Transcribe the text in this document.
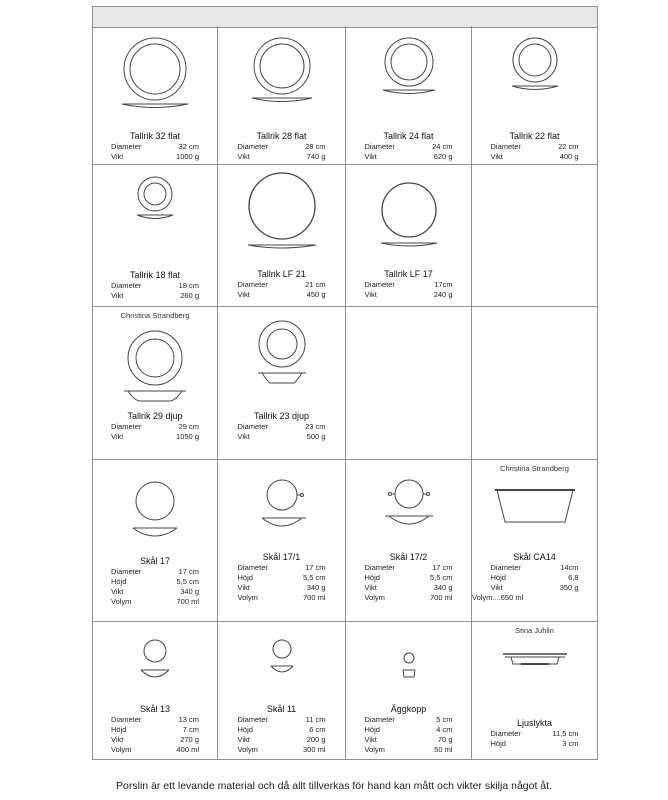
Tallrik 32 flat
Diameter	32 cm
Vikt	1000 g
Tallrik 28 flat
Diameter	28 cm
Vikt	740 g
Tallrik 24 flat
Diameter	24 cm
Vikt	620 g
Tallrik 22 flat
Diameter	22 cm
Vikt	400 g
Tallrik 18 flat
Diameter	18 cm
Vikt	260 g
Tallrik LF 21
Diameter	21 cm
Vikt	450 g
Tallrik LF 17
Diameter	17cm
Vikt	240 g
Christina Strandberg
Tallrik 29 djup
Diameter	29 cm
Vikt	1050 g
Tallrik 23 djup
Diameter	23 cm
Vikt	500 g
Skål 17
Diameter	17 cm
Höjd	5,5 cm
Vikt	340 g
Volym	700 ml
Skål 17/1
Diameter	17 cm
Höjd	5,5 cm
Vikt	340 g
Volym	700 ml
Skål 17/2
Diameter	17 cm
Höjd	5,5 cm
Vikt	340 g
Volym	700 ml
Christina Strandberg
Skål CA14
Diameter	14cm
Höjd	6,8
Vikt	350 g
Volym....650 ml
Skål 13
Diameter	13 cm
Höjd	7 cm
Vikt	270 g
Volym	400 ml
Skål 11
Diameter	11 cm
Höjd	6 cm
Vikt	200 g
Volym	300 ml
Äggkopp
Diameter	5 cm
Höjd	4 cm
Vikt	70 g
Volym	50 ml
Stina Juhlin
Ljuslykta
Diameter	11,5 cm
Höjd	3 cm
Porslin är ett levande material och då allt tillverkas för hand kan mått och vikter skilja något åt.
